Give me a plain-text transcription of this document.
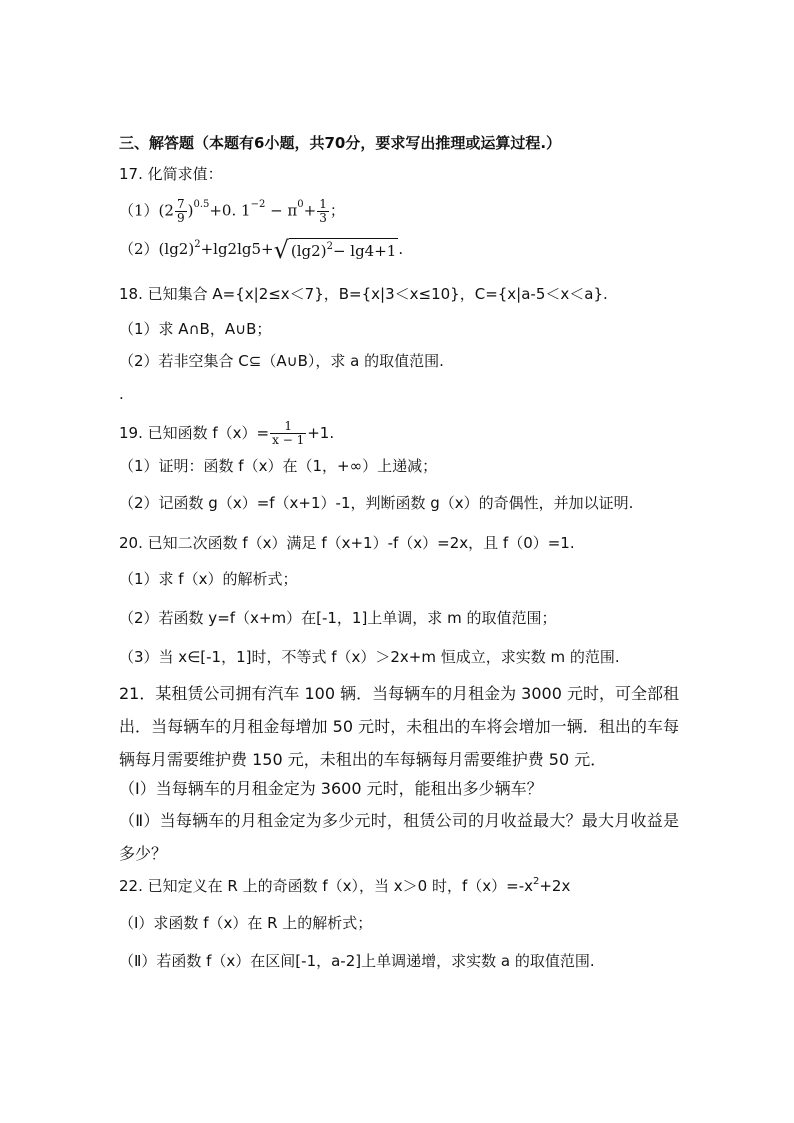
三、解答题（本题有6小题，共70分，要求写出推理或运算过程.）
17. 化简求值：
$(1)(2 \frac{7}{9} )^{0.5}+0$. $1^{-2} - \pi^0+ \frac{1}{3}$ ；
$(2)(\lg 2)^2+\lg 2\lg 5+√$ $(\lg 2)^2- \lg 4+1$ .
18. 已知集合 A={x|2≤x＜7}，B={x|3＜x≤10}，C={x|a-5＜x＜a}.
（1）求 A∩B，A∪B；
（2）若非空集合 C⊆（A∪B），求 a 的取值范围.
.
19. 已知函数 $f(x)= \frac{1}{x - 1} +1$.
（1）证明：函数 f（x）在（1，+∞）上递减；
（2）记函数 g（x）=f（x+1）-1，判断函数 g（x）的奇偶性，并加以证明.
20. 已知二次函数 f（x）满足 f（x+1）-f（x）=2x，且 f（0）=1.
（1）求 f（x）的解析式；
（2）若函数 y=f（x+m）在[-1，1]上单调，求 m 的取值范围；
（3）当 x∈[-1，1]时，不等式 f（x）＞2x+m 恒成立，求实数 m 的范围.
21．某租赁公司拥有汽车 100 辆．当每辆车的月租金为 3000 元时，可全部租出．当每辆车的月租金每增加 50 元时，未租出的车将会增加一辆．租出的车每辆每月需要维护费 150 元，未租出的车每辆每月需要维护费 50 元．
（Ⅰ）当每辆车的月租金定为 3600 元时，能租出多少辆车？
（Ⅱ）当每辆车的月租金定为多少元时，租赁公司的月收益最大？最大月收益是多少？
22. 已知定义在 R 上的奇函数 f（x），当 x＞0 时，$f(x)=-x^2+2x$
（Ⅰ）求函数 f（x）在 R 上的解析式；
（Ⅱ）若函数 f（x）在区间[-1，a-2]上单调递增，求实数 a 的取值范围.
